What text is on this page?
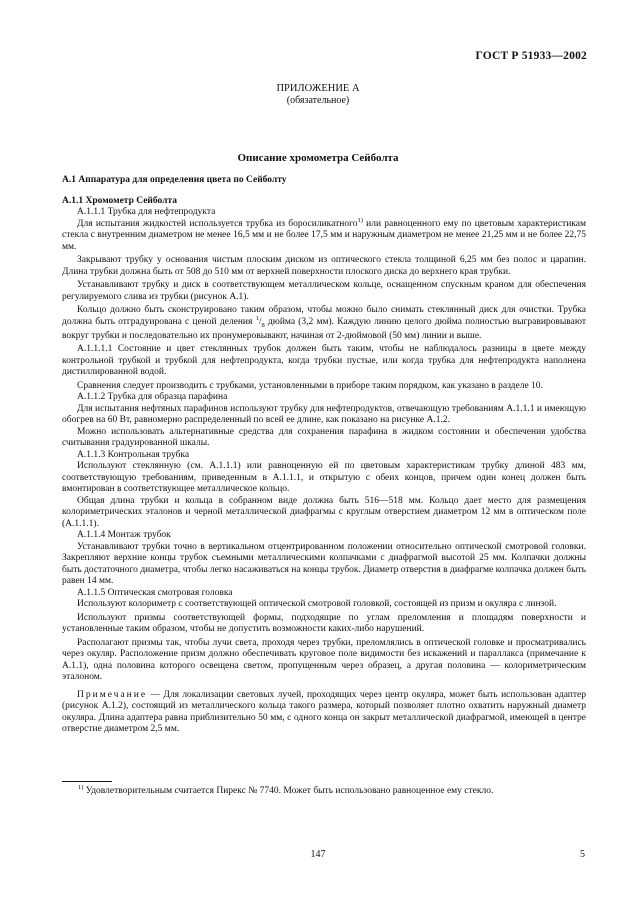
ГОСТ Р 51933—2002
ПРИЛОЖЕНИЕ А
(обязательное)
Описание хромометра Сейболта

А.1 Аппаратура для определения цвета по Сейболту

А.1.1 Хромометр Сейболта

А.1.1.1 Трубка для нефтепродукта

Для испытания жидкостей используется трубка из боросиликатного$^{1)}$ или равноценного ему по цветовым характеристикам стекла с внутренним диаметром не менее 16,5 мм и не более 17,5 мм и наружным диаметром не менее 21,25 мм и не более 22,75 мм.

Закрывают трубку у основания чистым плоским диском из оптического стекла толщиной 6,25 мм без полос и царапин. Длина трубки должна быть от 508 до 510 мм от верхней поверхности плоского диска до верхнего края трубки.

Устанавливают трубку и диск в соответствующем металлическом кольце, оснащенном спускным краном для обеспечения регулируемого слива из трубки (рисунок А.1).

Кольцо должно быть сконструировано таким образом, чтобы можно было снимать стеклянный диск для очистки. Трубка должна быть отградуирована с ценой деления $^1/_8$ дюйма (3,2 мм). Каждую линию целого дюйма полностью выгравировывают вокруг трубки и последовательно их пронумеровывают, начиная от 2-дюймовой (50 мм) линии и выше.

А.1.1.1.1 Состояние и цвет стеклянных трубок должен быть таким, чтобы не наблюдалось разницы в цвете между контрольной трубкой и трубкой для нефтепродукта, когда трубки пустые, или когда трубка для нефтепродукта наполнена дистиллированной водой.

Сравнения следует производить с трубками, установленными в приборе таким порядком, как указано в разделе 10.

А.1.1.2 Трубка для образца парафина

Для испытания нефтяных парафинов используют трубку для нефтепродуктов, отвечающую требованиям А.1.1.1 и имеющую обогрев на 60 Вт, равномерно распределенный по всей ее длине, как показано на рисунке А.1.2.

Можно использовать альтернативные средства для сохранения парафина в жидком состоянии и обеспечения удобства считывания градуированной шкалы.

А.1.1.3 Контрольная трубка

Используют стеклянную (см. А.1.1.1) или равноценную ей по цветовым характеристикам трубку длиной 483 мм, соответствующую требованиям, приведенным в А.1.1.1, и открытую с обеих концов, причем один конец должен быть вмонтирован в соответствующее металлическое кольцо.

Общая длина трубки и кольца в собранном виде должна быть 516—518 мм. Кольцо дает место для размещения колориметрических эталонов и черной металлической диафрагмы с круглым отверстием диаметром 12 мм в оптическом поле (А.1.1.1).

А.1.1.4 Монтаж трубок

Устанавливают трубки точно в вертикальном отцентрированном положении относительно оптической смотровой головки. Закрепляют верхние концы трубок съемными металлическими колпачками с диафрагмой высотой 25 мм. Колпачки должны быть достаточного диаметра, чтобы легко насаживаться на концы трубок. Диаметр отверстия в диафрагме колпачка должен быть равен 14 мм.

А.1.1.5 Оптическая смотровая головка

Используют колориметр с соответствующей оптической смотровой головкой, состоящей из призм и окуляра с линзой.

Используют призмы соответствующей формы, подходящие по углам преломления и площадям поверхности и установленные таким образом, чтобы не допустить возможности каких-либо нарушений.

Располагают призмы так, чтобы лучи света, проходя через трубки, преломлялись в оптической головке и просматривались через окуляр. Расположение призм должно обеспечивать круговое поле видимости без искажений и параллакса (примечание к А.1.1), одна половина которого освещена светом, пропущенным через образец, а другая половина — колориметрическим эталоном.

Примечание — Для локализации световых лучей, проходящих через центр окуляра, может быть использован адаптер (рисунок А.1.2), состоящий из металлического кольца такого размера, который позволяет плотно охватить наружный диаметр окуляра. Длина адаптера равна приблизительно 50 мм, с одного конца он закрыт металлической диафрагмой, имеющей в центре отверстие диаметром 2,5 мм.

$^{1)}$ Удовлетворительным считается Пирекс № 7740. Может быть использовано равноценное ему стекло.
147	5
